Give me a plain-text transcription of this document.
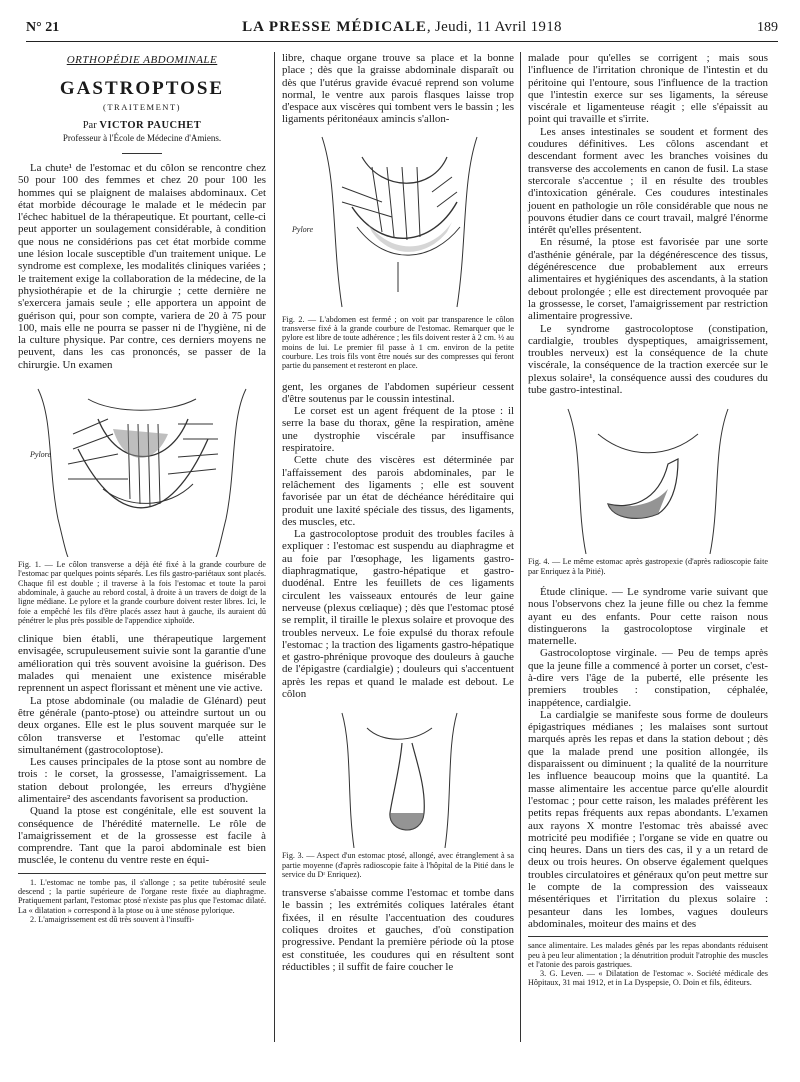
N° 21	LA PRESSE MÉDICALE, Jeudi, 11 Avril 1918	189
ORTHOPÉDIE ABDOMINALE
GASTROPTOSE
(TRAITEMENT)
Par VICTOR PAUCHET
Professeur à l'École de Médecine d'Amiens.

La chute¹ de l'estomac et du côlon se rencontre chez 50 pour 100 des femmes et chez 20 pour 100 les hommes qui se plaignent de malaises abdominaux. Cet état morbide décourage le malade et le médecin par l'échec habituel de la thérapeutique. Et pourtant, celle-ci peut apporter un soulagement considérable, à condition que nous ne considérions pas cet état morbide comme une lésion locale susceptible d'un traitement unique. Le syndrome est complexe, les modalités cliniques variées ; le traitement exige la collaboration de la médecine, de la physiothérapie et de la chirurgie ; cette dernière ne s'exercera jamais seule ; elle apportera un appoint de guérison qui, pour son compte, variera de 20 à 75 pour 100, mais elle ne pourra se passer ni de l'hygiène, ni de la culture physique. Par contre, ces derniers moyens ne peuvent, dans les cas prononcés, se passer de la chirurgie. Un examen

Pylore
Fig. 1. — Le côlon transverse a déjà été fixé à la grande courbure de l'estomac par quelques points séparés. Les fils gastro-pariétaux sont placés. Chaque fil est double ; il traverse à la fois l'estomac et toute la paroi abdominale, à gauche au rebord costal, à droite à un travers de doigt de la ligne médiane. Le pylore et la grande courbure doivent rester libres. Ici, le foie a empêché les fils d'être placés assez haut à gauche, ils auraient dû pénétrer le plus près possible de l'appendice xiphoïde.

clinique bien établi, une thérapeutique largement envisagée, scrupuleusement suivie sont la garantie d'une amélioration qui très souvent avoisine la guérison. Des malades qui menaient une existence misérable reprennent un aspect florissant et mènent une vie active.

La ptose abdominale (ou maladie de Glénard) peut être générale (panto-ptose) ou atteindre surtout un ou deux organes. Elle est le plus souvent marquée sur le côlon transverse et l'estomac qu'elle atteint simultanément (gastrocoloptose).

Les causes principales de la ptose sont au nombre de trois : le corset, la grossesse, l'amaigrissement. La station debout prolongée, les erreurs d'hygiène alimentaire² des ascendants favorisent sa production.

Quand la ptose est congénitale, elle est souvent la conséquence de l'hérédité maternelle. Le rôle de l'amaigrissement et de la grossesse est facile à comprendre. Tant que la paroi abdominale est bien musclée, le contenu du ventre reste en équi-

1. L'estomac ne tombe pas, il s'allonge ; sa petite tubérosité seule descend ; la partie supérieure de l'organe reste fixée au diaphragme. Pratiquement parlant, l'estomac ptosé n'existe pas plus que l'estomac dilaté. La « dilatation » correspond à la ptose ou à une sténose pylorique.

2. L'amaigrissement est dû très souvent à l'insuffi-

libre, chaque organe trouve sa place et la bonne place ; dès que la graisse abdominale disparaît ou dès que l'utérus gravide évacué reprend son volume normal, le ventre aux parois flasques laisse trop d'espace aux viscères qui tombent vers le bassin ; les ligaments péritonéaux amincis s'allon-

Pylore
Fig. 2. — L'abdomen est fermé ; on voit par transparence le côlon transverse fixé à la grande courbure de l'estomac. Remarquer que le pylore est libre de toute adhérence ; les fils doivent rester à 2 cm. ½ au moins de lui. Le premier fil passe à 1 cm. environ de la petite courbure. Les trois fils vont être noués sur des compresses qui feront partie du pansement et resteront en place.

gent, les organes de l'abdomen supérieur cessent d'être soutenus par le coussin intestinal.

Le corset est un agent fréquent de la ptose : il serre la base du thorax, gêne la respiration, amène une dystrophie viscérale par insuffisance respiratoire.

Cette chute des viscères est déterminée par l'affaissement des parois abdominales, par le relâchement des ligaments ; elle est souvent favorisée par un état de déchéance héréditaire qui produit une laxité spéciale des tissus, des ligaments, des muscles, etc.

La gastrocoloptose produit des troubles faciles à expliquer : l'estomac est suspendu au diaphragme et au foie par l'œsophage, les ligaments gastro-diaphragmatique, gastro-hépatique et gastro-duodénal. Entre les feuillets de ces ligaments circulent les vaisseaux entourés de leur gaine nerveuse (plexus cœliaque) ; dès que l'estomac ptosé se remplit, il tiraille le plexus solaire et provoque des troubles nerveux. Le foie expulsé du thorax refoule l'estomac ; la traction des ligaments gastro-hépatique et gastro-phrénique provoque des douleurs à gauche de l'épigastre (cardialgie) ; douleurs qui s'accentuent après les repas et quand le malade est debout. Le côlon

Fig. 3. — Aspect d'un estomac ptosé, allongé, avec étranglement à sa partie moyenne (d'après radioscopie faite à l'hôpital de la Pitié dans le service du Dʳ Enriquez).

transverse s'abaisse comme l'estomac et tombe dans le bassin ; les extrémités coliques latérales étant fixées, il en résulte l'accentuation des coudures coliques droites et gauches, d'où constipation progressive. Pendant la première période où la ptose est constituée, les coudures qui en résultent sont réductibles ; il suffit de faire coucher le

malade pour qu'elles se corrigent ; mais sous l'influence de l'irritation chronique de l'intestin et du péritoine qui l'entoure, sous l'influence de la traction que l'intestin exerce sur ses ligaments, la séreuse viscérale et ligamenteuse réagit ; elle s'épaissit au point qui travaille et s'irrite.

Les anses intestinales se soudent et forment des coudures définitives. Les côlons ascendant et descendant forment avec les branches voisines du transverse des accolements en canon de fusil. La stase stercorale s'accentue ; il en résulte des troubles d'intoxication générale. Ces coudures intestinales jouent en pathologie un rôle considérable que nous ne pouvons étudier dans ce court travail, malgré l'énorme intérêt qu'elles présentent.

En résumé, la ptose est favorisée par une sorte d'asthénie générale, par la dégénérescence des tissus, dégénérescence due probablement aux erreurs alimentaires et hygiéniques des ascendants, à la station debout prolongée ; elle est directement provoquée par la grossesse, le corset, l'amaigrissement par restriction alimentaire progressive.

Le syndrome gastrocoloptose (constipation, cardialgie, troubles dyspeptiques, amaigrissement, troubles nerveux) est la conséquence de la chute viscérale, la conséquence de la traction exercée sur le plexus solaire¹, la conséquence aussi des coudures du tube gastro-intestinal.

Fig. 4. — Le même estomac après gastropexie (d'après radioscopie faite par Enriquez à la Pitié).

Étude clinique. — Le syndrome varie suivant que nous l'observons chez la jeune fille ou chez la femme ayant eu des enfants. Pour cette raison nous distinguerons la gastrocoloptose virginale et maternelle.

Gastrocoloptose virginale. — Peu de temps après que la jeune fille a commencé à porter un corset, c'est-à-dire vers l'âge de la puberté, elle présente les premiers troubles : constipation, céphalée, inappétence, cardialgie.

La cardialgie se manifeste sous forme de douleurs épigastriques médianes ; les malaises sont surtout marqués après les repas et dans la station debout ; dès que la malade prend une position allongée, ils disparaissent ou diminuent ; la qualité de la nourriture les influence beaucoup moins que la quantité. La masse alimentaire les accentue parce qu'elle alourdit l'estomac ; pour cette raison, les malades préfèrent les petits repas fréquents aux repas abondants. L'examen aux rayons X montre l'estomac très abaissé avec motricité peu modifiée ; l'organe se vide en quatre ou cinq heures. Dans un tiers des cas, il y a un retard de deux ou trois heures. On observe également quelques troubles circulatoires et généraux qu'on peut mettre sur le compte de la compression des vaisseaux mésentériques et l'irritation du plexus solaire : pesanteur dans les lombes, vagues douleurs abdominales, moiteur des mains et des

sance alimentaire. Les malades gênés par les repas abondants réduisent peu à peu leur alimentation ; la dénutrition produit l'atrophie des muscles et l'atonie des parois gastriques.

3. G. Leven. — « Dilatation de l'estomac ». Société médicale des Hôpitaux, 31 mai 1912, et in La Dyspepsie, O. Doin et fils, éditeurs.
